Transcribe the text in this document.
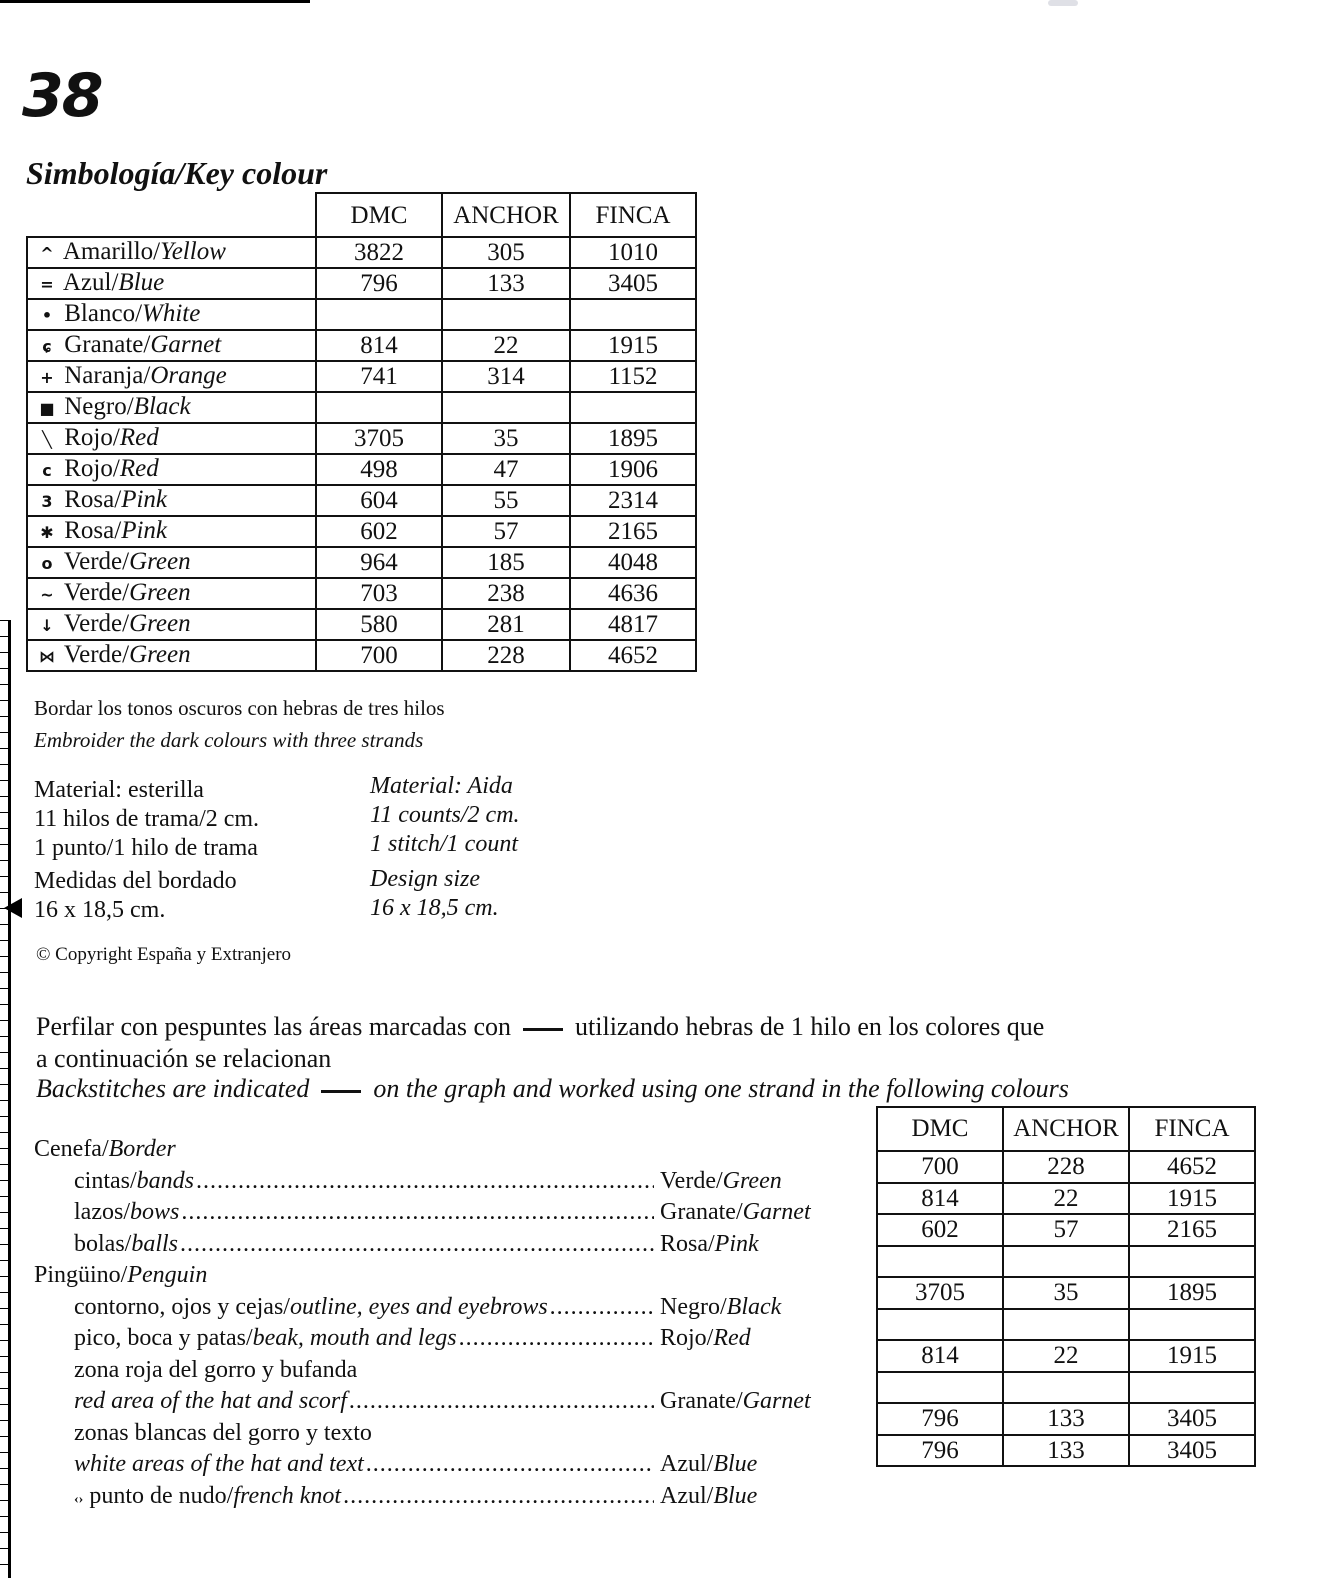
38
Simbología/Key colour
	DMC	ANCHOR	FINCA
^ Amarillo/Yellow	3822	305	1010
= Azul/Blue	796	133	3405
• Blanco/White			
ɕ Granate/Garnet	814	22	1915
+ Naranja/Orange	741	314	1152
■ Negro/Black			
╲ Rojo/Red	3705	35	1895
c Rojo/Red	498	47	1906
3 Rosa/Pink	604	55	2314
✱ Rosa/Pink	602	57	2165
o Verde/Green	964	185	4048
~ Verde/Green	703	238	4636
↓ Verde/Green	580	281	4817
⋈ Verde/Green	700	228	4652
Bordar los tonos oscuros con hebras de tres hilos
Embroider the dark colours with three strands
Material: esterilla
11 hilos de trama/2 cm.
1 punto/1 hilo de trama
Medidas del bordado
16 x 18,5 cm.
Material: Aida
11 counts/2 cm.
1 stitch/1 count
Design size
16 x 18,5 cm.
© Copyright España y Extranjero
Perfilar con pespuntes las áreas marcadas con utilizando hebras de 1 hilo en los colores que
a continuación se relacionan
Backstitches are indicated on the graph and worked using one strand in the following colours
Cenefa/Border
cintas/bands .....	Verde/Green
lazos/bows .....	Granate/Garnet
bolas/balls .....	Rosa/Pink
Pingüino/Penguin
contorno, ojos y cejas/outline, eyes and eyebrows .....	Negro/Black
pico, boca y patas/beak, mouth and legs .....	Rojo/Red
zona roja del gorro y bufanda
red area of the hat and scorf .....	Granate/Garnet
zonas blancas del gorro y texto
white areas of the hat and text .....	Azul/Blue
‹› punto de nudo/french knot .....	Azul/Blue
DMC	ANCHOR	FINCA
700	228	4652
814	22	1915
602	57	2165

3705	35	1895

814	22	1915

796	133	3405
796	133	3405
